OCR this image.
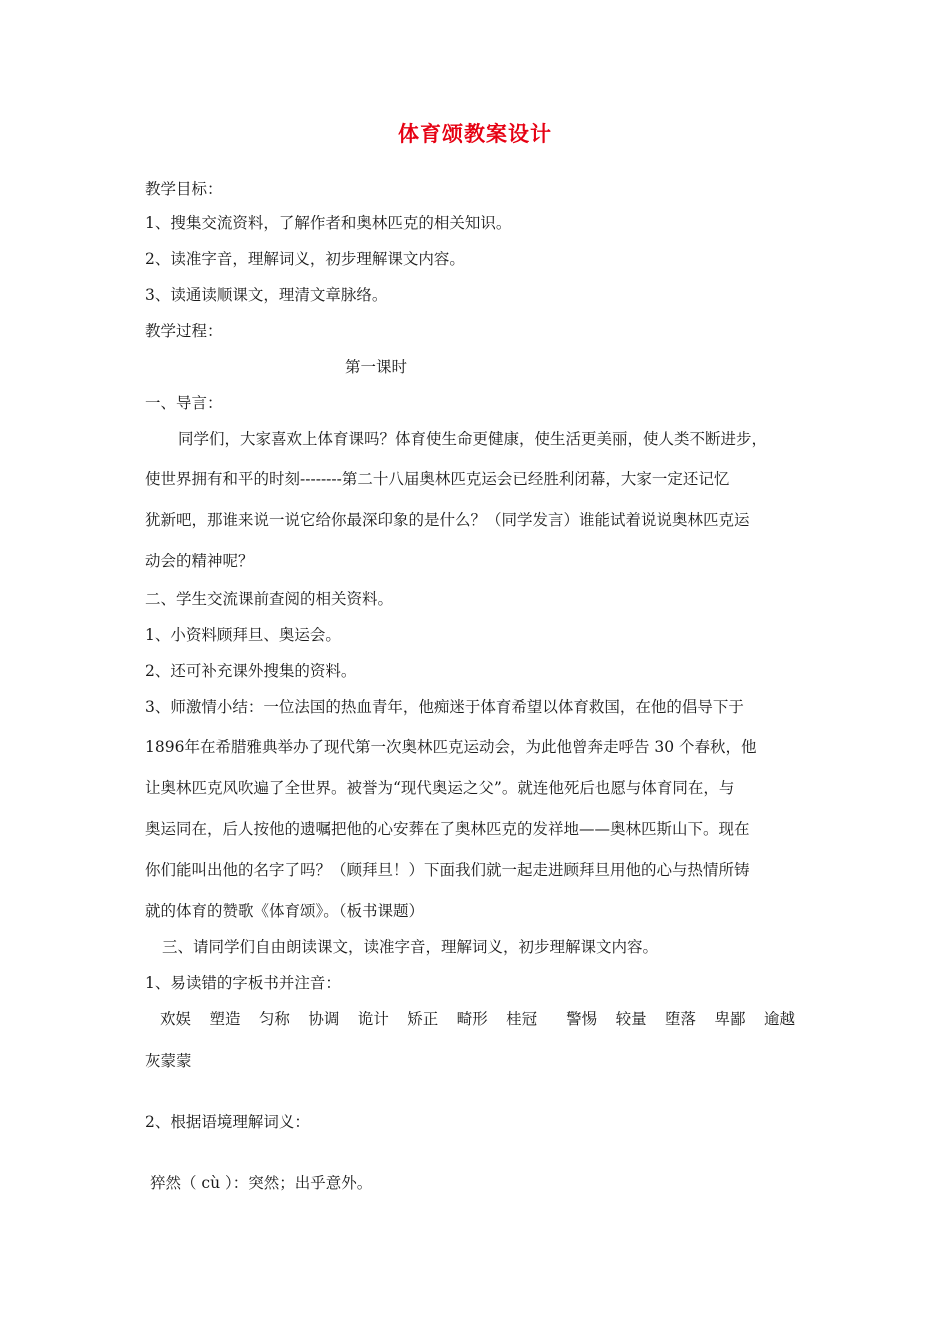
体育颂教案设计
教学目标：
1、搜集交流资料，了解作者和奥林匹克的相关知识。
2、读准字音，理解词义，初步理解课文内容。
3、读通读顺课文，理清文章脉络。
教学过程：
第一课时
一、导言：
同学们，大家喜欢上体育课吗？体育使生命更健康，使生活更美丽，使人类不断进步，
使世界拥有和平的时刻--------第二十八届奥林匹克运会已经胜利闭幕，大家一定还记忆
犹新吧，那谁来说一说它给你最深印象的是什么？（同学发言）谁能试着说说奥林匹克运
动会的精神呢？
二、学生交流课前查阅的相关资料。
1、小资料顾拜旦、奥运会。
2、还可补充课外搜集的资料。
3、师激情小结：一位法国的热血青年，他痴迷于体育希望以体育救国，在他的倡导下于
1896年在希腊雅典举办了现代第一次奥林匹克运动会，为此他曾奔走呼告 30 个春秋，他
让奥林匹克风吹遍了全世界。被誉为“现代奥运之父”。就连他死后也愿与体育同在，与
奥运同在，后人按他的遗嘱把他的心安葬在了奥林匹克的发祥地——奥林匹斯山下。现在
你们能叫出他的名字了吗？（顾拜旦！）下面我们就一起走进顾拜旦用他的心与热情所铸
就的体育的赞歌《体育颂》。（板书课题）
三、请同学们自由朗读课文，读准字音，理解词义，初步理解课文内容。
1、易读错的字板书并注音：
欢娱 塑造 匀称 协调 诡计 矫正 畸形 桂冠 警惕 较量 堕落 卑鄙 逾越
灰蒙蒙
2、根据语境理解词义：
猝然（ cù ）：突然；出乎意外。
